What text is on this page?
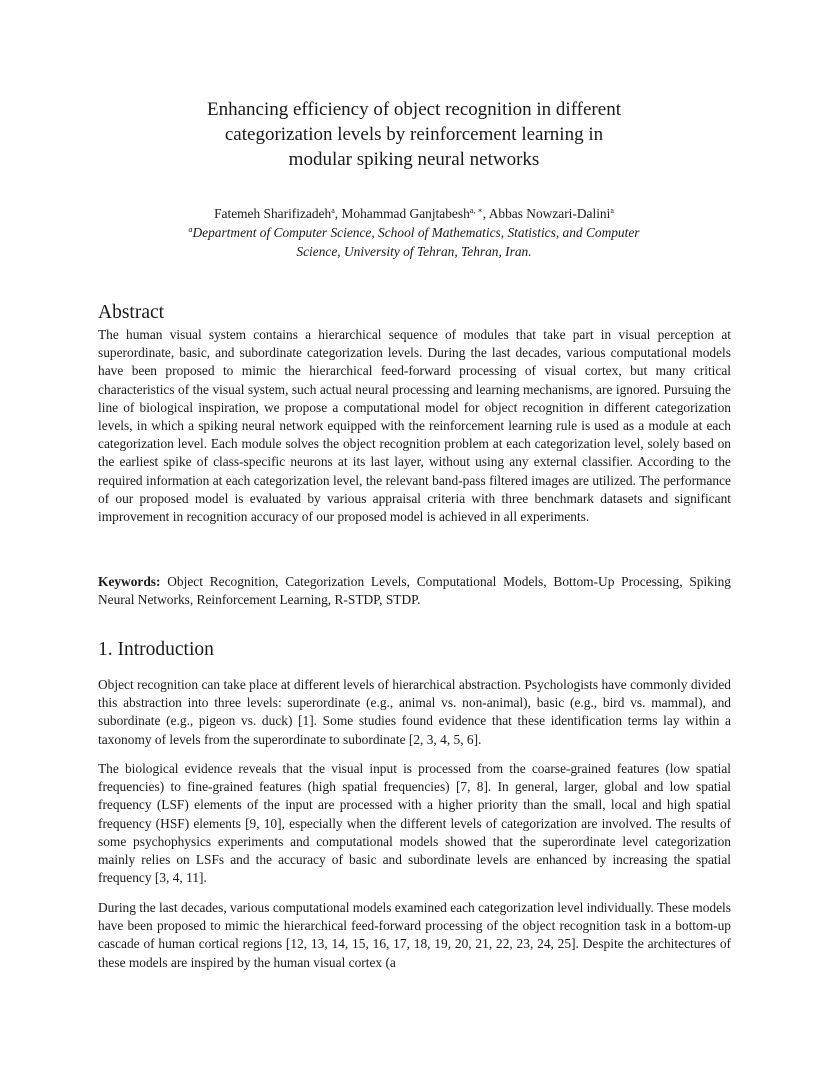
Enhancing efficiency of object recognition in different
categorization levels by reinforcement learning in
modular spiking neural networks
Fatemeh Sharifizadeh$^a$, Mohammad Ganjtabesh$^{a, ∗}$, Abbas Nowzari-Dalini$^a$
$^a$Department of Computer Science, School of Mathematics, Statistics, and Computer
Science, University of Tehran, Tehran, Iran.
Abstract
The human visual system contains a hierarchical sequence of modules that take part in visual perception at superordinate, basic, and subordinate categorization levels. During the last decades, various computational models have been proposed to mimic the hierarchical feed-forward processing of visual cortex, but many critical characteristics of the visual system, such actual neural processing and learning mechanisms, are ignored. Pursuing the line of biological inspiration, we propose a computational model for object recognition in different categorization levels, in which a spiking neural network equipped with the reinforcement learning rule is used as a module at each categorization level. Each module solves the object recognition problem at each categorization level, solely based on the earliest spike of class-specific neurons at its last layer, without using any external classifier. According to the required information at each categorization level, the relevant band-pass filtered images are utilized. The performance of our proposed model is evaluated by various appraisal criteria with three benchmark datasets and significant improvement in recognition accuracy of our proposed model is achieved in all experiments.
Keywords: Object Recognition, Categorization Levels, Computational Models, Bottom-Up Processing, Spiking Neural Networks, Reinforcement Learning, R-STDP, STDP.
1. Introduction
Object recognition can take place at different levels of hierarchical abstraction. Psychologists have commonly divided this abstraction into three levels: superordinate (e.g., animal vs. non-animal), basic (e.g., bird vs. mammal), and subordinate (e.g., pigeon vs. duck) [1]. Some studies found evidence that these identification terms lay within a taxonomy of levels from the superordinate to subordinate [2, 3, 4, 5, 6].
The biological evidence reveals that the visual input is processed from the coarse-grained features (low spatial frequencies) to fine-grained features (high spatial frequencies) [7, 8]. In general, larger, global and low spatial frequency (LSF) elements of the input are processed with a higher priority than the small, local and high spatial frequency (HSF) elements [9, 10], especially when the different levels of categorization are involved. The results of some psychophysics experiments and computational models showed that the superordinate level categorization mainly relies on LSFs and the accuracy of basic and subordinate levels are enhanced by increasing the spatial frequency [3, 4, 11].
During the last decades, various computational models examined each categorization level individually. These models have been proposed to mimic the hierarchical feed-forward processing of the object recognition task in a bottom-up cascade of human cortical regions [12, 13, 14, 15, 16, 17, 18, 19, 20, 21, 22, 23, 24, 25]. Despite the architectures of these models are inspired by the human visual cortex (a
